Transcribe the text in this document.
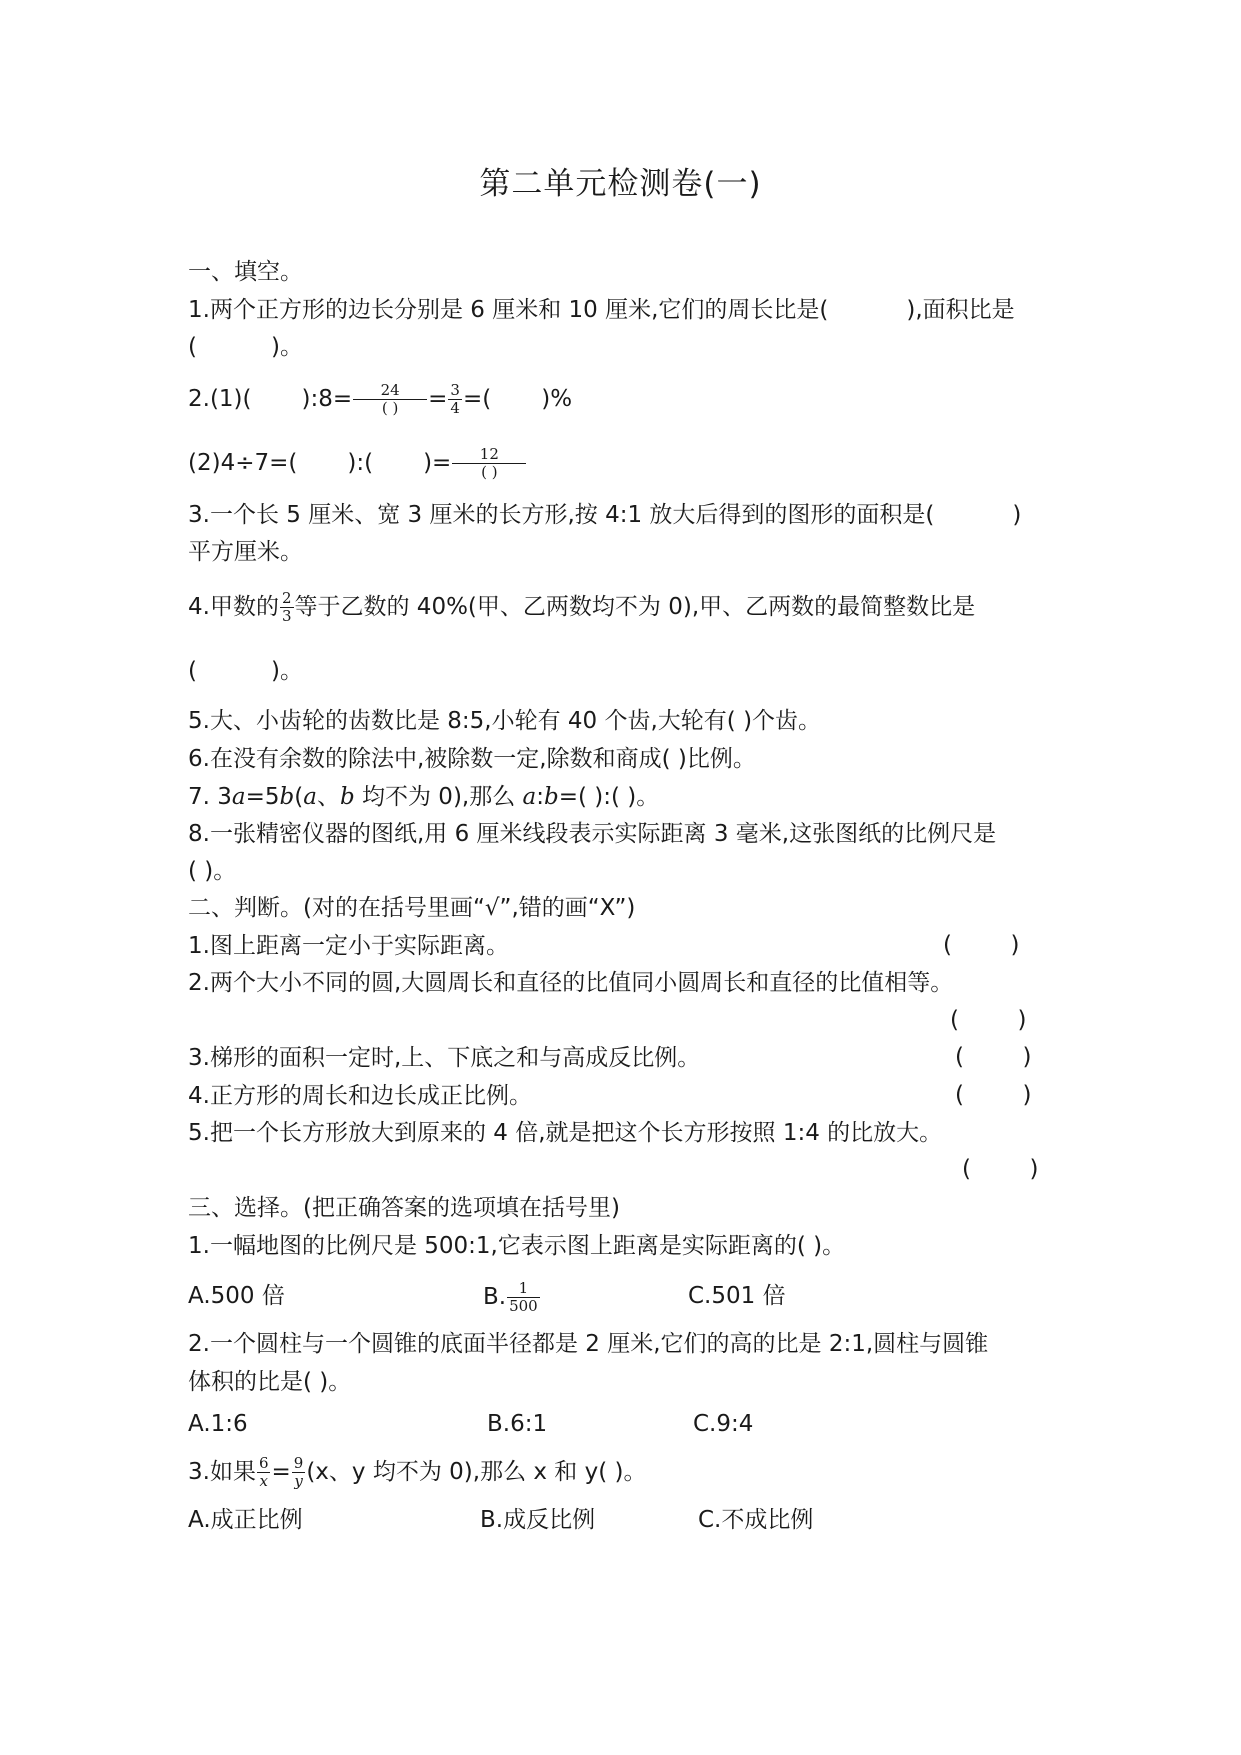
第二单元检测卷(一)
一、填空。
1.两个正方形的边长分别是 6 厘米和 10 厘米,它们的周长比是(	),面积比是
(	)。
2.(1)( ):8= $\frac{24}{( )} = \frac{3}{4}$ =( )%
(2)4÷7=( ):( )= $\frac{12}{( )}$
3.一个长 5 厘米、宽 3 厘米的长方形,按 4:1 放大后得到的图形的面积是(	)
平方厘米。
4.甲数的 $\frac{2}{3}$ 等于乙数的 40%(甲、乙两数均不为 0),甲、乙两数的最简整数比是
(	)。
5.大、小齿轮的齿数比是 8:5,小轮有 40 个齿,大轮有( )个齿。
6.在没有余数的除法中,被除数一定,除数和商成( )比例。
7. 3a=5b(a、b 均不为 0),那么 a:b=( ):( )。
8.一张精密仪器的图纸,用 6 厘米线段表示实际距离 3 毫米,这张图纸的比例尺是
( )。
二、判断。(对的在括号里画“√”,错的画“X”)
1.图上距离一定小于实际距离。	(        )
2.两个大小不同的圆,大圆周长和直径的比值同小圆周长和直径的比值相等。
(        )
3.梯形的面积一定时,上、下底之和与高成反比例。	(        )
4.正方形的周长和边长成正比例。	(        )
5.把一个长方形放大到原来的 4 倍,就是把这个长方形按照 1:4 的比放大。
(        )
三、选择。(把正确答案的选项填在括号里)
1.一幅地图的比例尺是 500:1,它表示图上距离是实际距离的( )。
A.500 倍	B. $\frac{1}{500}$	C.501 倍
2.一个圆柱与一个圆锥的底面半径都是 2 厘米,它们的高的比是 2:1,圆柱与圆锥
体积的比是( )。
A.1:6	B.6:1	C.9:4
3.如果 $\frac{6}{x} = \frac{9}{y} (x$、y 均不为 0),那么 x 和 y( )。
A.成正比例	B.成反比例	C.不成比例
